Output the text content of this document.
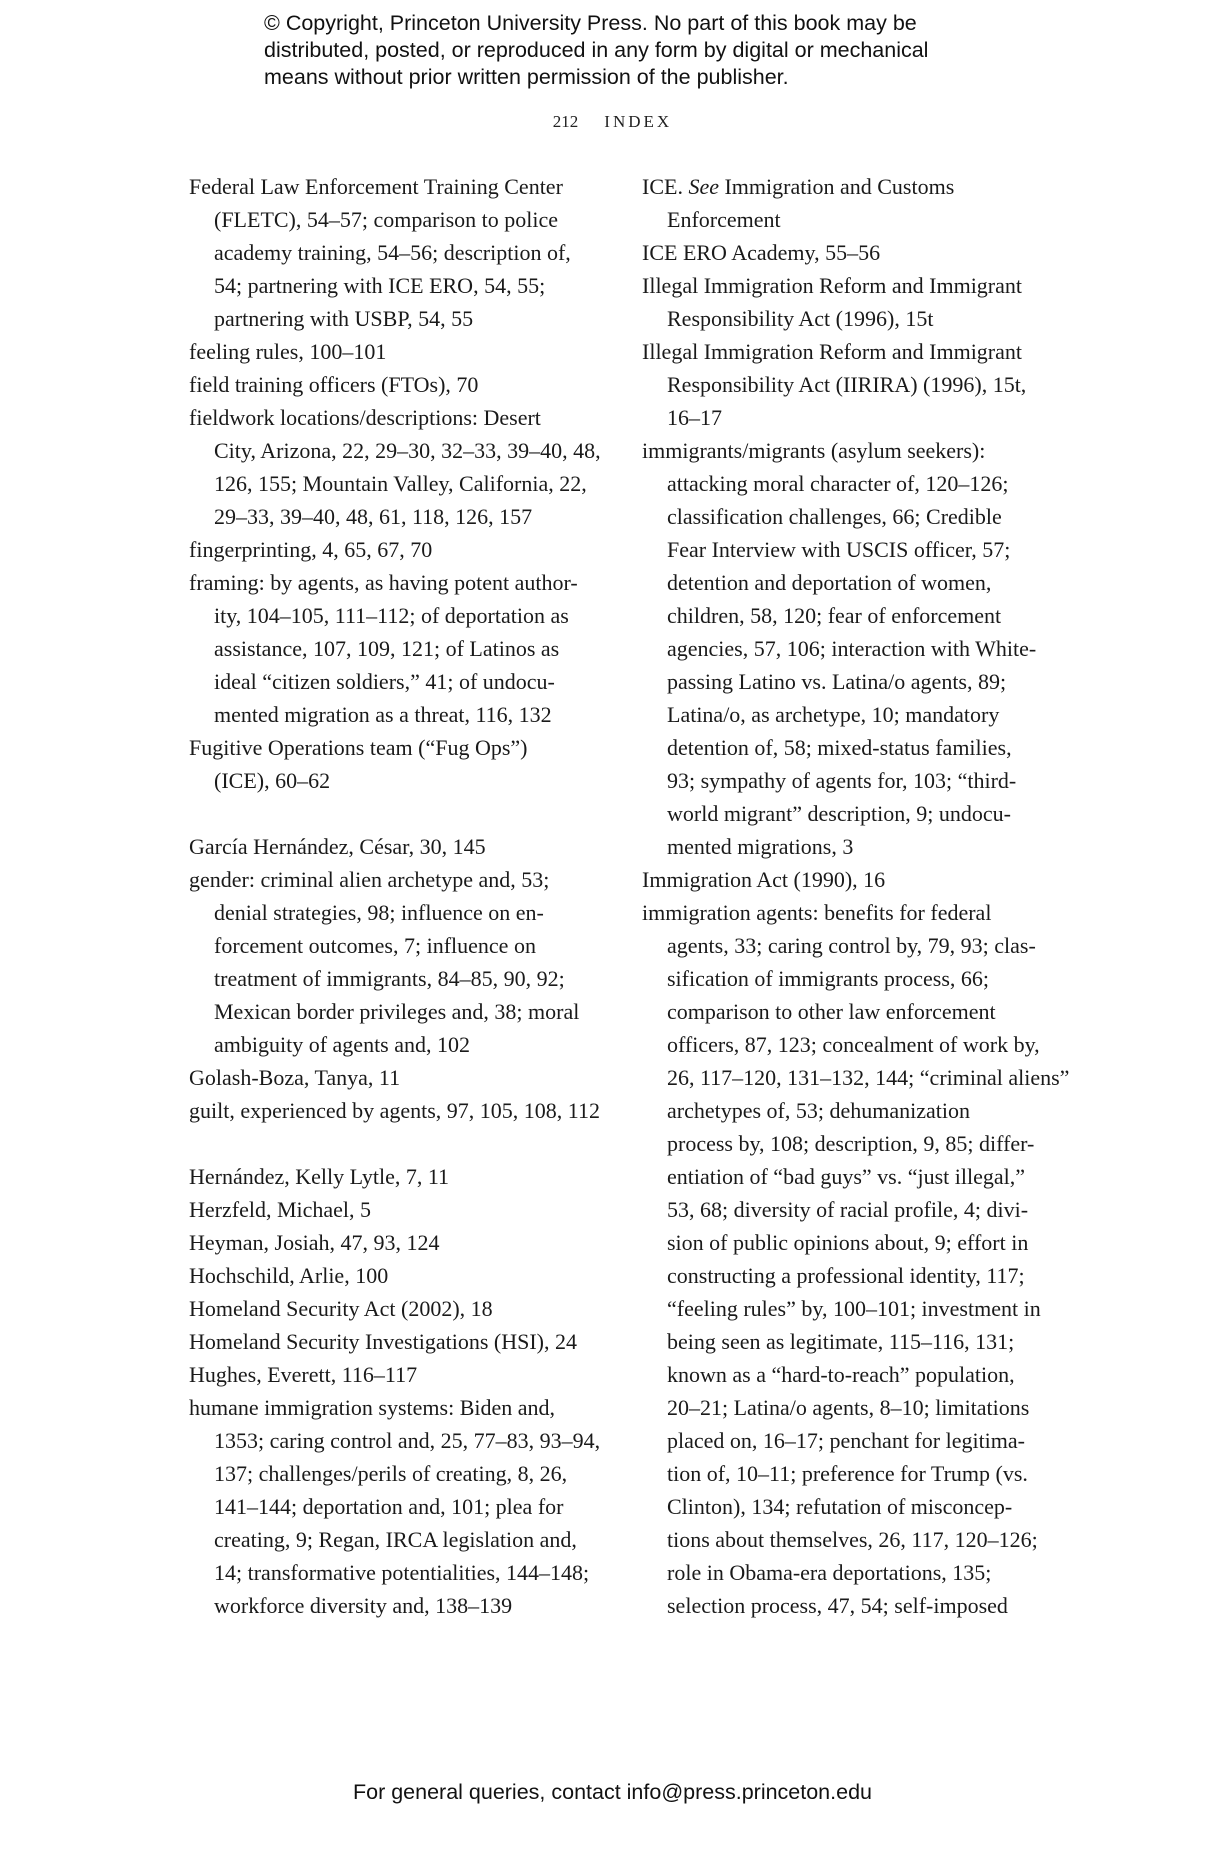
© Copyright, Princeton University Press. No part of this book may be
distributed, posted, or reproduced in any form by digital or mechanical
means without prior written permission of the publisher.
212 INDEX
Federal Law Enforcement Training Center
(FLETC), 54–57; comparison to police
academy training, 54–56; description of,
54; partnering with ICE ERO, 54, 55;
partnering with USBP, 54, 55
feeling rules, 100–101
field training officers (FTOs), 70
fieldwork locations/descriptions: Desert
City, Arizona, 22, 29–30, 32–33, 39–40, 48,
126, 155; Mountain Valley, California, 22,
29–33, 39–40, 48, 61, 118, 126, 157
fingerprinting, 4, 65, 67, 70
framing: by agents, as having potent author-
ity, 104–105, 111–112; of deportation as
assistance, 107, 109, 121; of Latinos as
ideal “citizen soldiers,” 41; of undocu-
mented migration as a threat, 116, 132
Fugitive Operations team (“Fug Ops”)
(ICE), 60–62
García Hernández, César, 30, 145
gender: criminal alien archetype and, 53;
denial strategies, 98; influence on en-
forcement outcomes, 7; influence on
treatment of immigrants, 84–85, 90, 92;
Mexican border privileges and, 38; moral
ambiguity of agents and, 102
Golash-Boza, Tanya, 11
guilt, experienced by agents, 97, 105, 108, 112
Hernández, Kelly Lytle, 7, 11
Herzfeld, Michael, 5
Heyman, Josiah, 47, 93, 124
Hochschild, Arlie, 100
Homeland Security Act (2002), 18
Homeland Security Investigations (HSI), 24
Hughes, Everett, 116–117
humane immigration systems: Biden and,
1353; caring control and, 25, 77–83, 93–94,
137; challenges/perils of creating, 8, 26,
141–144; deportation and, 101; plea for
creating, 9; Regan, IRCA legislation and,
14; transformative potentialities, 144–148;
workforce diversity and, 138–139
ICE. See Immigration and Customs
Enforcement
ICE ERO Academy, 55–56
Illegal Immigration Reform and Immigrant
Responsibility Act (1996), 15t
Illegal Immigration Reform and Immigrant
Responsibility Act (IIRIRA) (1996), 15t,
16–17
immigrants/migrants (asylum seekers):
attacking moral character of, 120–126;
classification challenges, 66; Credible
Fear Interview with USCIS officer, 57;
detention and deportation of women,
children, 58, 120; fear of enforcement
agencies, 57, 106; interaction with White-
passing Latino vs. Latina/o agents, 89;
Latina/o, as archetype, 10; mandatory
detention of, 58; mixed-status families,
93; sympathy of agents for, 103; “third-
world migrant” description, 9; undocu-
mented migrations, 3
Immigration Act (1990), 16
immigration agents: benefits for federal
agents, 33; caring control by, 79, 93; clas-
sification of immigrants process, 66;
comparison to other law enforcement
officers, 87, 123; concealment of work by,
26, 117–120, 131–132, 144; “criminal aliens”
archetypes of, 53; dehumanization
process by, 108; description, 9, 85; differ-
entiation of “bad guys” vs. “just illegal,”
53, 68; diversity of racial profile, 4; divi-
sion of public opinions about, 9; effort in
constructing a professional identity, 117;
“feeling rules” by, 100–101; investment in
being seen as legitimate, 115–116, 131;
known as a “hard-to-reach” population,
20–21; Latina/o agents, 8–10; limitations
placed on, 16–17; penchant for legitima-
tion of, 10–11; preference for Trump (vs.
Clinton), 134; refutation of misconcep-
tions about themselves, 26, 117, 120–126;
role in Obama-era deportations, 135;
selection process, 47, 54; self-imposed
For general queries, contact info@press.princeton.edu
